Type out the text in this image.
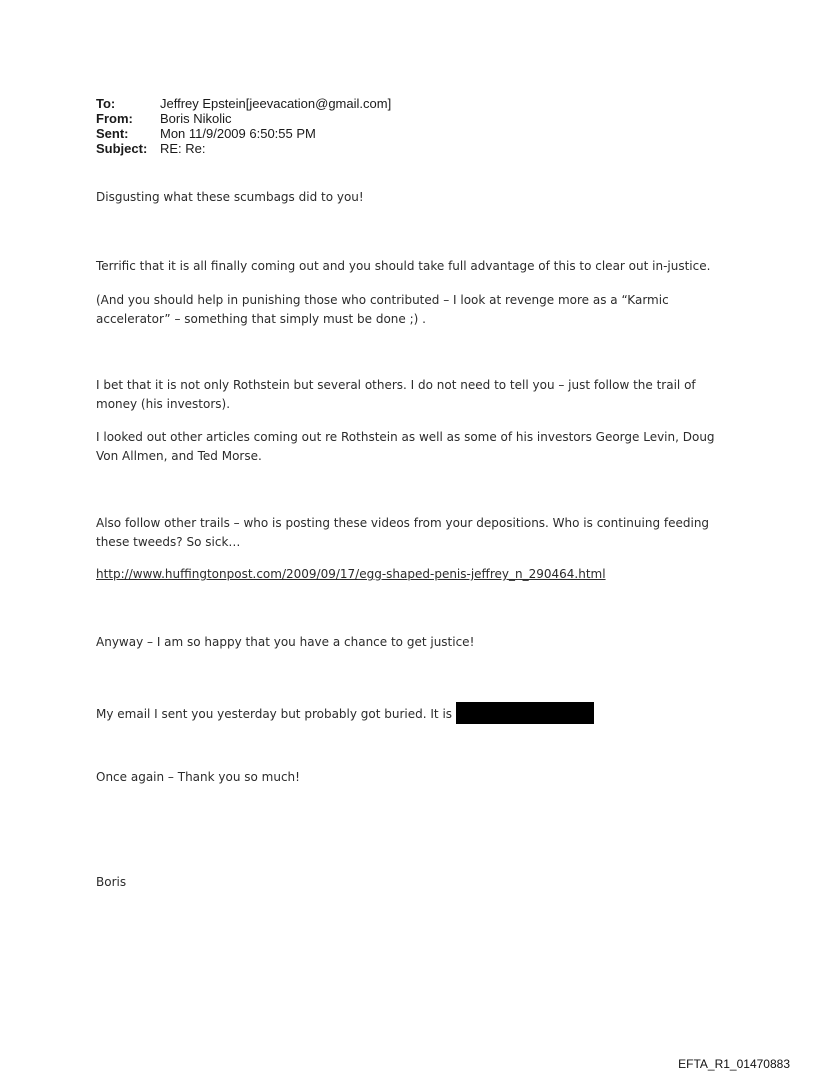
To:	Jeffrey Epstein[jeevacation@gmail.com]
From:	Boris Nikolic
Sent:	Mon 11/9/2009 6:50:55 PM
Subject: RE: Re:

Disgusting what these scumbags did to you!

Terrific that it is all finally coming out and you should take full advantage of this to clear out in-justice.

(And you should help in punishing those who contributed – I look at revenge more as a “Karmic accelerator” – something that simply must be done ;) .

I bet that it is not only Rothstein but several others. I do not need to tell you – just follow the trail of money (his investors).

I looked out other articles coming out re Rothstein as well as some of his investors George Levin, Doug Von Allmen, and Ted Morse.

Also follow other trails – who is posting these videos from your depositions. Who is continuing feeding these tweeds? So sick…

http://www.huffingtonpost.com/2009/09/17/egg-shaped-penis-jeffrey_n_290464.html

Anyway – I am so happy that you have a chance to get justice!

My email I sent you yesterday but probably got buried. It is

Once again – Thank you so much!

Boris

EFTA_R1_01470883
